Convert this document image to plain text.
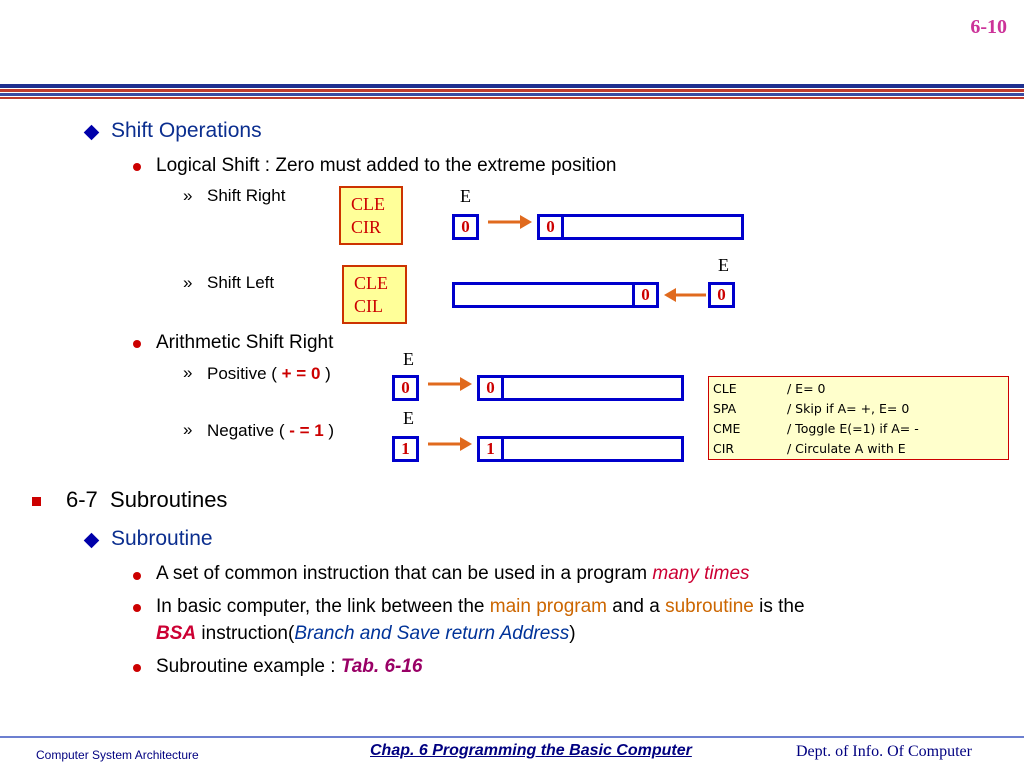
6-10
Shift Operations
Logical Shift : Zero must added to the extreme position
» Shift Right	CLE
CIR
E
0	0
» Shift Left	CLE
CIL
E
0	0
Arithmetic Shift Right
» Positive ( + = 0 )
E
0	0
» Negative ( - = 1 )
E
1	1
CLE	/ E= 0
SPA	/ Skip if A= +, E= 0
CME	/ Toggle E(=1) if A= -
CIR	/ Circulate A with E
6-7  Subroutines
Subroutine
A set of common instruction that can be used in a program many times
In basic computer, the link between the main program and a subroutine is the
BSA instruction(Branch and Save return Address)
Subroutine example : Tab. 6-16
Computer System Architecture	Chap. 6 Programming the Basic Computer	Dept. of Info. Of Computer
